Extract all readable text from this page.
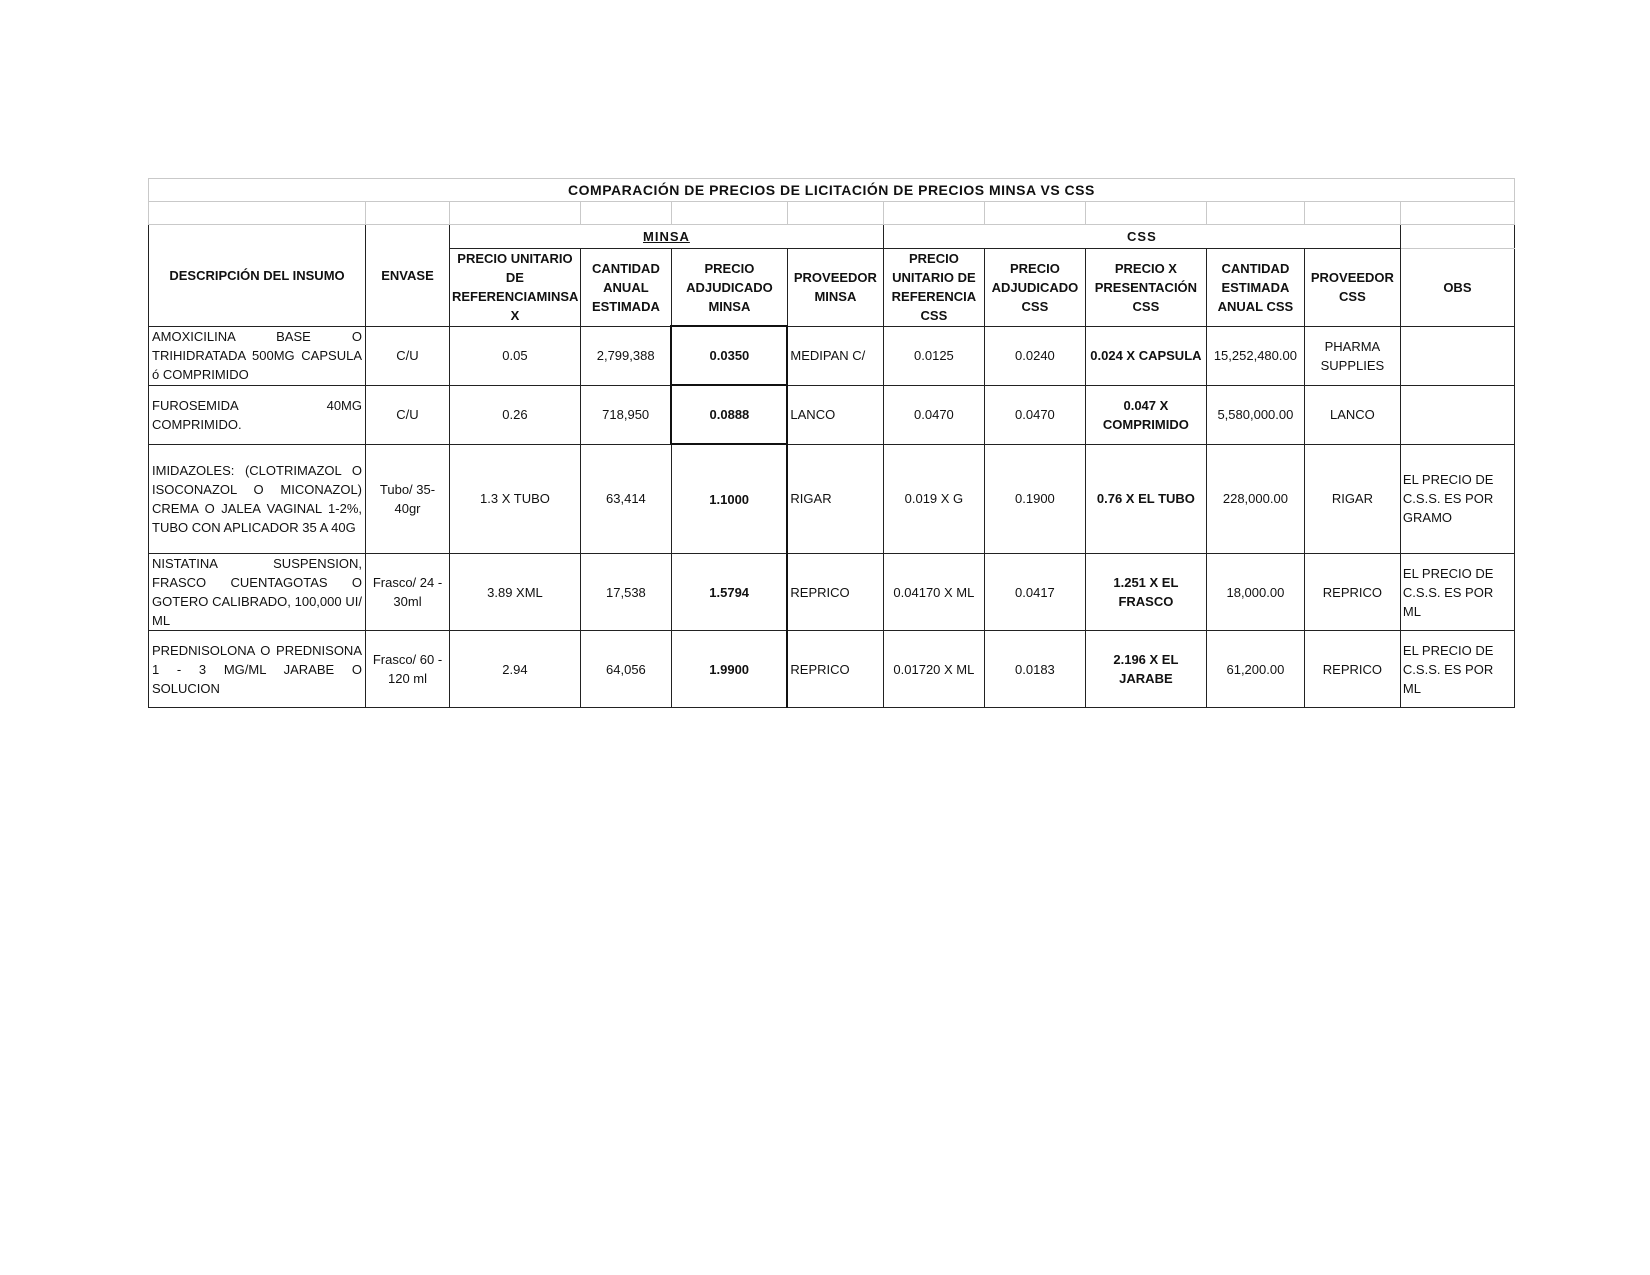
COMPARACIÓN DE PRECIOS DE LICITACIÓN DE PRECIOS MINSA VS CSS											

DESCRIPCIÓN DEL INSUMO	ENVASE	MINSA				CSS					
		PRECIO UNITARIO DE REFERENCIAMINSA X	CANTIDAD ANUAL ESTIMADA	PRECIO ADJUDICADO MINSA	PROVEEDOR MINSA	PRECIO UNITARIO DE REFERENCIA CSS	PRECIO ADJUDICADO CSS	PRECIO X PRESENTACIÓN CSS	CANTIDAD ESTIMADA ANUAL CSS	PROVEEDOR CSS	OBS
AMOXICILINA BASE O TRIHIDRATADA 500MG CAPSULA ó COMPRIMIDO	C/U	0.05	2,799,388	0.0350	MEDIPAN C/	0.0125	0.0240	0.024 X CAPSULA	15,252,480.00	PHARMA SUPPLIES	
FUROSEMIDA 40MG COMPRIMIDO.	C/U	0.26	718,950	0.0888	LANCO	0.0470	0.0470	0.047 X COMPRIMIDO	5,580,000.00	LANCO	
IMIDAZOLES: (CLOTRIMAZOL O ISOCONAZOL O MICONAZOL) CREMA O JALEA VAGINAL 1-2%, TUBO CON APLICADOR 35 A 40G	Tubo/ 35-40gr	1.3 X TUBO	63,414	1.1000	RIGAR	0.019 X G	0.1900	0.76 X EL TUBO	228,000.00	RIGAR	EL PRECIO DE C.S.S. ES POR GRAMO
NISTATINA SUSPENSION, FRASCO CUENTAGOTAS O GOTERO CALIBRADO, 100,000 UI/ ML	Frasco/ 24 - 30ml	3.89 XML	17,538	1.5794	REPRICO	0.04170 X ML	0.0417	1.251 X EL FRASCO	18,000.00	REPRICO	EL PRECIO DE C.S.S. ES POR ML
PREDNISOLONA O PREDNISONA 1 - 3 MG/ML JARABE O SOLUCION	Frasco/ 60 - 120 ml	2.94	64,056	1.9900	REPRICO	0.01720 X ML	0.0183	2.196 X EL JARABE	61,200.00	REPRICO	EL PRECIO DE C.S.S. ES POR ML
